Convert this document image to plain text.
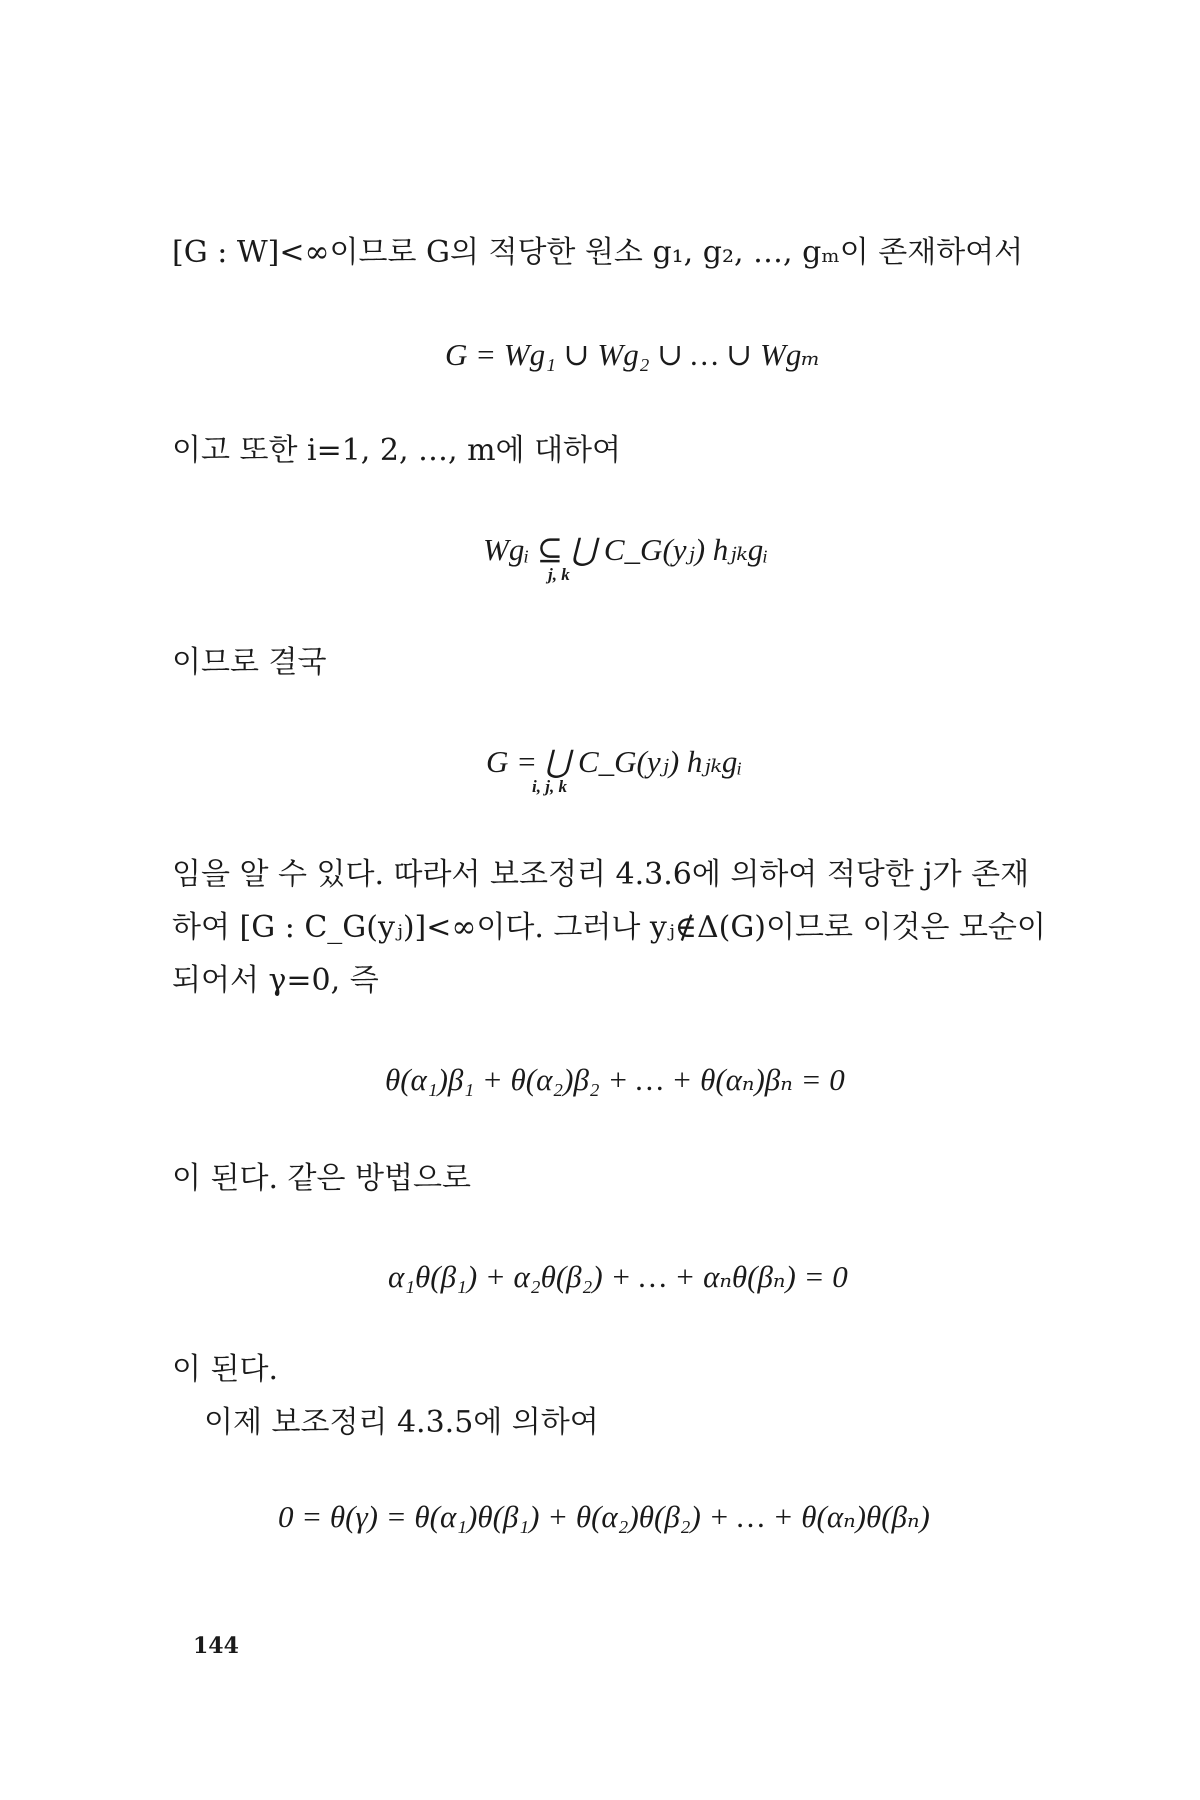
[G : W]<∞이므로 G의 적당한 원소 g₁, g₂, …, gₘ이 존재하여서
G = Wg₁ ∪ Wg₂ ∪ … ∪ Wgₘ
이고 또한 i=1, 2, …, m에 대하여
Wgᵢ ⊆ ⋃ C_G(yⱼ) hⱼₖgᵢ
j, k
이므로 결국
G = ⋃ C_G(yⱼ) hⱼₖgᵢ
i, j, k
임을 알 수 있다. 따라서 보조정리 4.3.6에 의하여 적당한 j가 존재
하여 [G : C_G(yⱼ)]<∞이다. 그러나 yⱼ∉Δ(G)이므로 이것은 모순이
되어서 γ=0, 즉
θ(α₁)β₁ + θ(α₂)β₂ + … + θ(αₙ)βₙ = 0
이 된다. 같은 방법으로
α₁θ(β₁) + α₂θ(β₂) + … + αₙθ(βₙ) = 0
이 된다.
이제 보조정리 4.3.5에 의하여
0 = θ(γ) = θ(α₁)θ(β₁) + θ(α₂)θ(β₂) + … + θ(αₙ)θ(βₙ)
144
